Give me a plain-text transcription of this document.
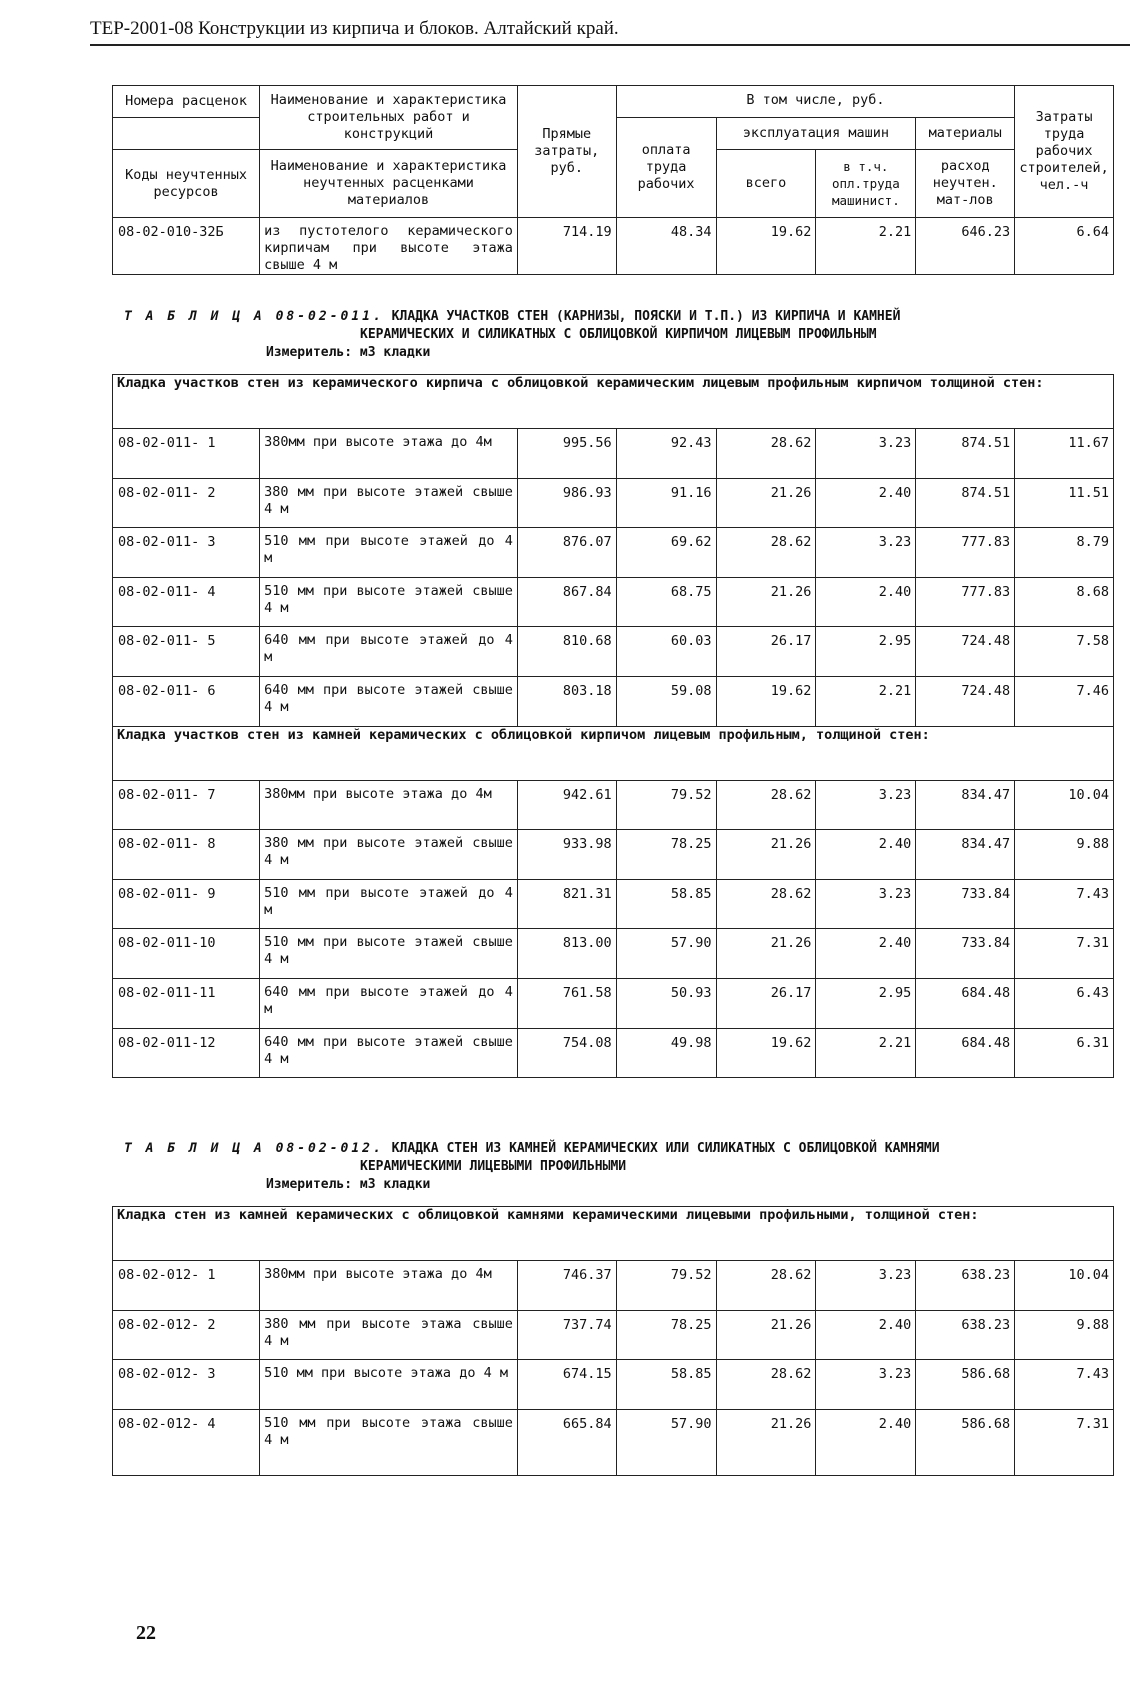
ТЕР-2001-08 Конструкции из кирпича и блоков. Алтайский край.
Номера расценок	Наименование и характеристика строительных работ и конструкций	Прямые затраты, руб.	В том числе, руб.				Затраты труда рабочих строителей, чел.-ч
			оплата труда рабочих	эксплуатация машин		материалы	
Коды неучтенных ресурсов	Наименование и характеристика неучтенных расценками материалов			всего	в т.ч. опл.труда машинист.	расход неучтен. мат-лов	
08-02-010-32Б	из пустотелого керамического кирпичам при высоте этажа свыше 4 м	714.19	48.34	19.62	2.21	646.23	6.64
Т А Б Л И Ц А 08-02-011. КЛАДКА УЧАСТКОВ СТЕН (КАРНИЗЫ, ПОЯСКИ И Т.П.) ИЗ КИРПИЧА И КАМНЕЙ
КЕРАМИЧЕСКИХ И СИЛИКАТНЫХ С ОБЛИЦОВКОЙ КИРПИЧОМ ЛИЦЕВЫМ ПРОФИЛЬНЫМ
Измеритель: м3 кладки
Кладка участков стен из керамического кирпича с облицовкой керамическим лицевым профильным кирпичом толщиной стен:							
08-02-011- 1	380мм при высоте этажа до 4м	995.56	92.43	28.62	3.23	874.51	11.67
08-02-011- 2	380 мм при высоте этажей свыше 4 м	986.93	91.16	21.26	2.40	874.51	11.51
08-02-011- 3	510 мм при высоте этажей до 4 м	876.07	69.62	28.62	3.23	777.83	8.79
08-02-011- 4	510 мм при высоте этажей свыше 4 м	867.84	68.75	21.26	2.40	777.83	8.68
08-02-011- 5	640 мм при высоте этажей до 4 м	810.68	60.03	26.17	2.95	724.48	7.58
08-02-011- 6	640 мм при высоте этажей свыше 4 м	803.18	59.08	19.62	2.21	724.48	7.46
Кладка участков стен из камней керамических с облицовкой кирпичом лицевым профильным, толщиной стен:							
08-02-011- 7	380мм при высоте этажа до 4м	942.61	79.52	28.62	3.23	834.47	10.04
08-02-011- 8	380 мм при высоте этажей свыше 4 м	933.98	78.25	21.26	2.40	834.47	9.88
08-02-011- 9	510 мм при высоте этажей до 4 м	821.31	58.85	28.62	3.23	733.84	7.43
08-02-011-10	510 мм при высоте этажей свыше 4 м	813.00	57.90	21.26	2.40	733.84	7.31
08-02-011-11	640 мм при высоте этажей до 4 м	761.58	50.93	26.17	2.95	684.48	6.43
08-02-011-12	640 мм при высоте этажей свыше 4 м	754.08	49.98	19.62	2.21	684.48	6.31
Т А Б Л И Ц А 08-02-012. КЛАДКА СТЕН ИЗ КАМНЕЙ КЕРАМИЧЕСКИХ ИЛИ СИЛИКАТНЫХ С ОБЛИЦОВКОЙ КАМНЯМИ
КЕРАМИЧЕСКИМИ ЛИЦЕВЫМИ ПРОФИЛЬНЫМИ
Измеритель: м3 кладки
Кладка стен из камней керамических с облицовкой камнями керамическими лицевыми профильными, толщиной стен:							
08-02-012- 1	380мм при высоте этажа до 4м	746.37	79.52	28.62	3.23	638.23	10.04
08-02-012- 2	380 мм при высоте этажа свыше 4 м	737.74	78.25	21.26	2.40	638.23	9.88
08-02-012- 3	510 мм при высоте этажа до 4 м	674.15	58.85	28.62	3.23	586.68	7.43
08-02-012- 4	510 мм при высоте этажа свыше 4 м	665.84	57.90	21.26	2.40	586.68	7.31
22
